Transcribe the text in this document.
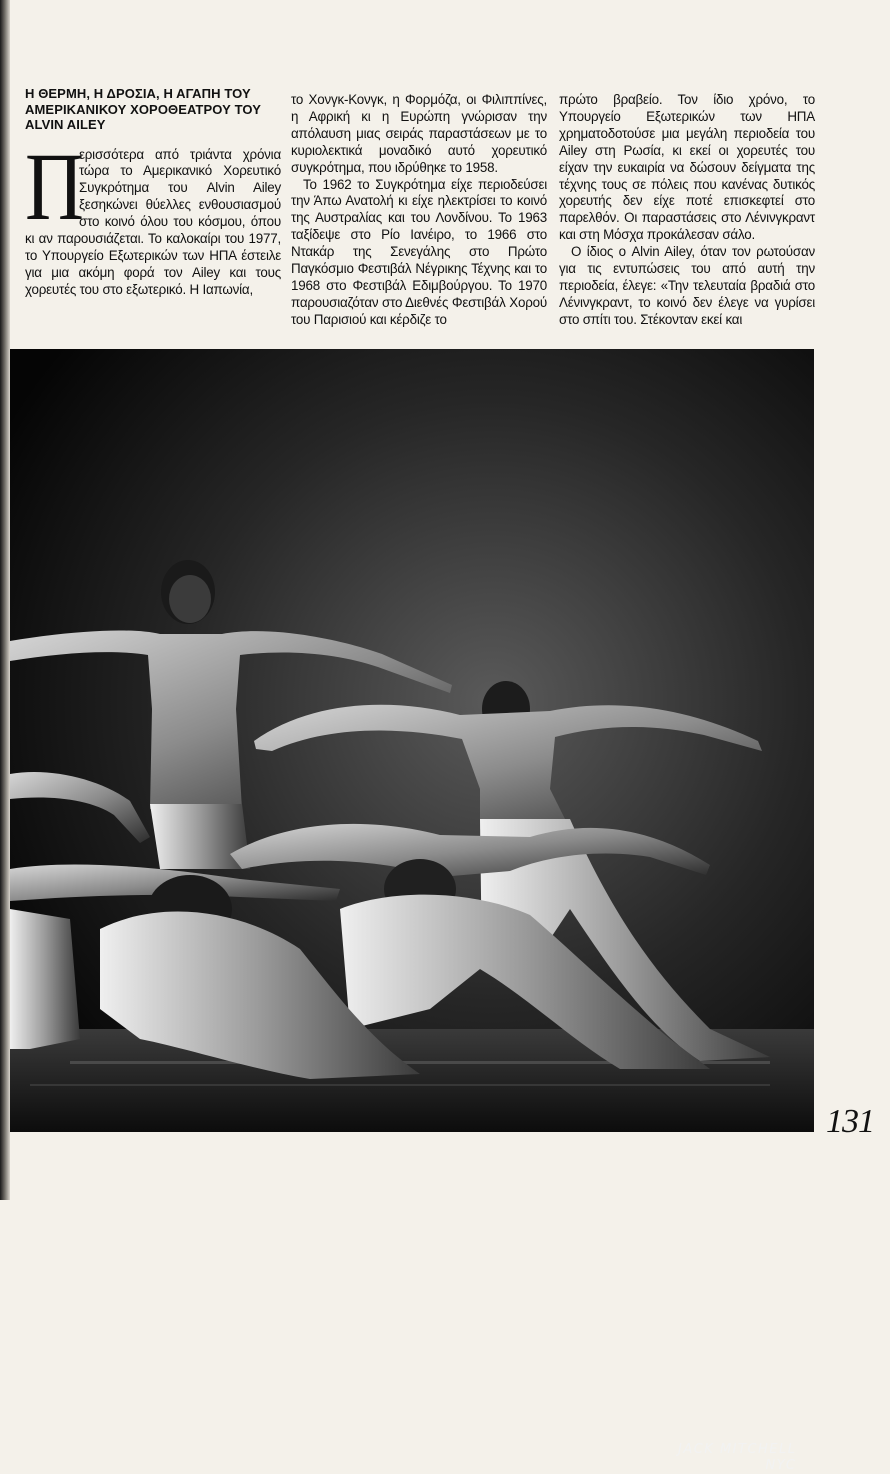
Η ΘΕΡΜΗ, Η ΔΡΟΣΙΑ, Η ΑΓΑΠΗ ΤΟΥ ΑΜΕΡΙΚΑΝΙΚΟΥ ΧΟΡΟΘΕΑΤΡΟΥ ΤΟΥ ALVIN AILEY

Π
ερισσότερα από τριάντα χρόνια τώρα το Αμερικανικό Χορευτικό Συγκρότημα του Alvin Ailey ξεσηκώνει θύελλες ενθουσιασμού στο κοινό όλου του κόσμου, όπου κι αν παρουσιάζεται. Το καλοκαίρι του 1977, το Υπουργείο Εξωτερικών των ΗΠΑ έστειλε για μια ακόμη φορά τον Ailey και τους χορευτές του στο εξωτερικό. Η Ιαπωνία,

το Χονγκ-Κονγκ, η Φορμόζα, οι Φιλιππίνες, η Αφρική κι η Ευρώπη γνώρισαν την απόλαυση μιας σειράς παραστάσεων με το κυριολεκτικά μοναδικό αυτό χορευτικό συγκρότημα, που ιδρύθηκε το 1958.

Το 1962 το Συγκρότημα είχε περιοδεύσει την Άπω Ανατολή κι είχε ηλεκτρίσει το κοινό της Αυστραλίας και του Λονδίνου. Το 1963 ταξίδεψε στο Ρίο Ιανέιρο, το 1966 στο Ντακάρ της Σενεγάλης στο Πρώτο Παγκόσμιο Φεστιβάλ Νέγρικης Τέχνης και το 1968 στο Φεστιβάλ Εδιμβούργου. Το 1970 παρουσιαζόταν στο Διεθνές Φεστιβάλ Χορού του Παρισιού και κέρδιζε το

πρώτο βραβείο. Τον ίδιο χρόνο, το Υπουργείο Εξωτερικών των ΗΠΑ χρηματοδοτούσε μια μεγάλη περιοδεία του Ailey στη Ρωσία, κι εκεί οι χορευτές του είχαν την ευκαιρία να δώσουν δείγματα της τέχνης τους σε πόλεις που κανένας δυτικός χορευτής δεν είχε ποτέ επισκεφτεί στο παρελθόν. Οι παραστάσεις στο Λένινγκραντ και στη Μόσχα προκάλεσαν σάλο.

Ο ίδιος ο Alvin Ailey, όταν τον ρωτούσαν για τις εντυπώσεις του από αυτή την περιοδεία, έλεγε: «Την τελευταία βραδιά στο Λένινγκραντ, το κοινό δεν έλεγε να γυρίσει στο σπίτι του. Στέκονταν εκεί και

JACK MITCHELL
NYC
131
